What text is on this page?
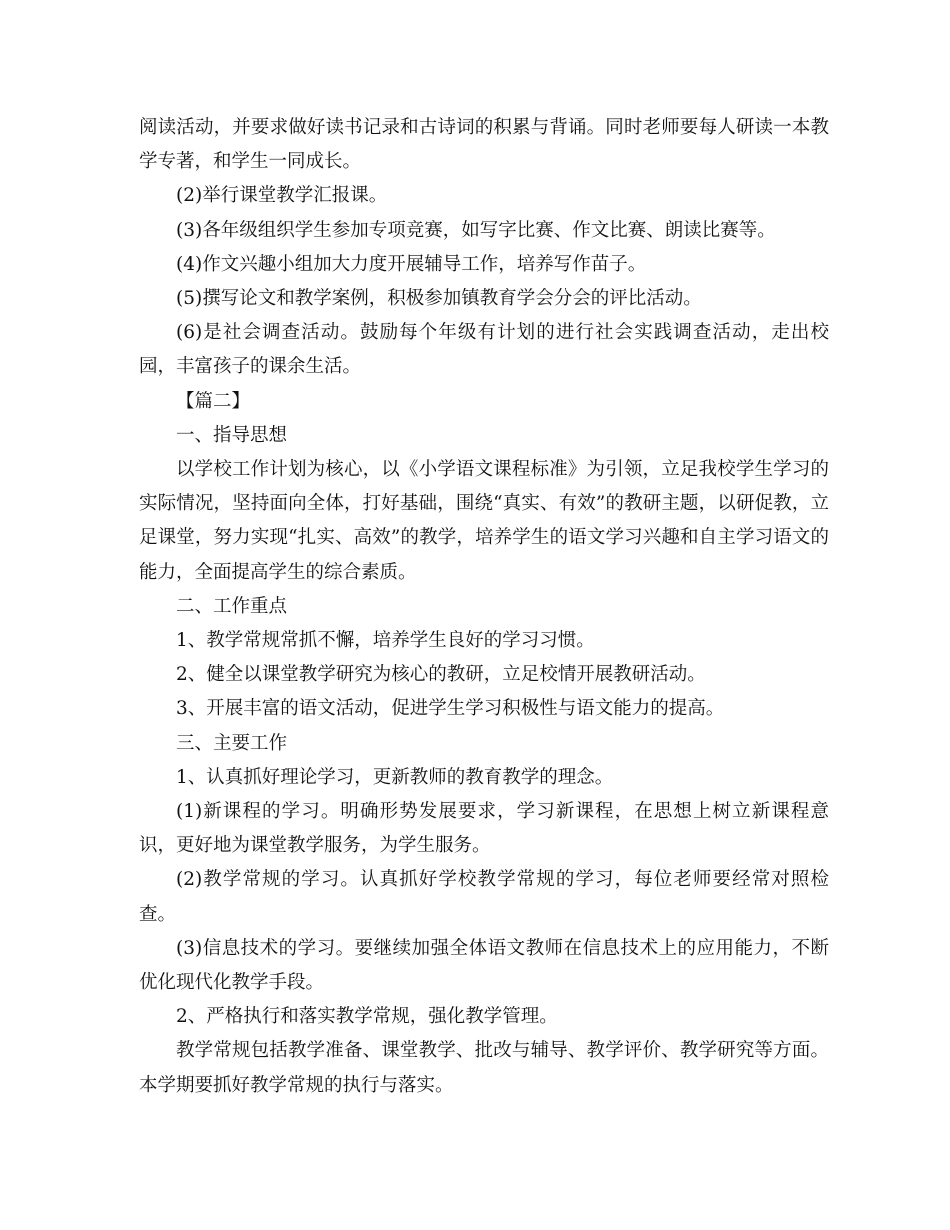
阅读活动，并要求做好读书记录和古诗词的积累与背诵。同时老师要每人研读一本教学专著，和学生一同成长。

(2)举行课堂教学汇报课。

(3)各年级组织学生参加专项竞赛，如写字比赛、作文比赛、朗读比赛等。

(4)作文兴趣小组加大力度开展辅导工作，培养写作苗子。

(5)撰写论文和教学案例，积极参加镇教育学会分会的评比活动。

(6)是社会调查活动。鼓励每个年级有计划的进行社会实践调查活动，走出校园，丰富孩子的课余生活。

【篇二】

一、指导思想

以学校工作计划为核心，以《小学语文课程标准》为引领，立足我校学生学习的实际情况，坚持面向全体，打好基础，围绕“真实、有效”的教研主题，以研促教，立足课堂，努力实现“扎实、高效”的教学，培养学生的语文学习兴趣和自主学习语文的能力，全面提高学生的综合素质。

二、工作重点

1、教学常规常抓不懈，培养学生良好的学习习惯。

2、健全以课堂教学研究为核心的教研，立足校情开展教研活动。

3、开展丰富的语文活动，促进学生学习积极性与语文能力的提高。

三、主要工作

1、认真抓好理论学习，更新教师的教育教学的理念。

(1)新课程的学习。明确形势发展要求，学习新课程，在思想上树立新课程意识，更好地为课堂教学服务，为学生服务。

(2)教学常规的学习。认真抓好学校教学常规的学习，每位老师要经常对照检查。

(3)信息技术的学习。要继续加强全体语文教师在信息技术上的应用能力，不断优化现代化教学手段。

2、严格执行和落实教学常规，强化教学管理。

教学常规包括教学准备、课堂教学、批改与辅导、教学评价、教学研究等方面。本学期要抓好教学常规的执行与落实。
